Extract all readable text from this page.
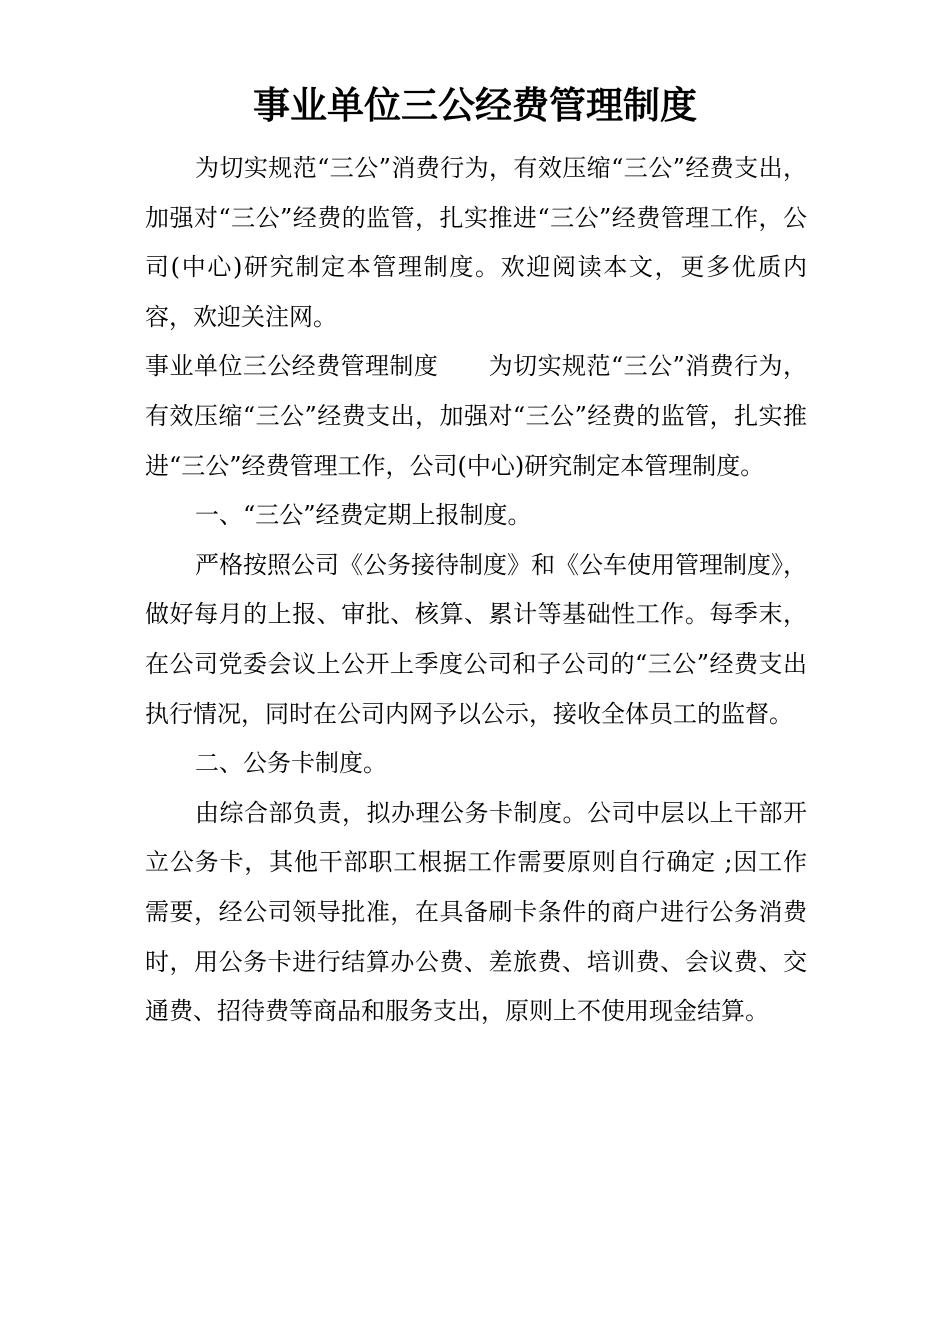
事业单位三公经费管理制度

为切实规范“三公”消费行为，有效压缩“三公”经费支出，加强对“三公”经费的监管，扎实推进“三公”经费管理工作，公司(中心)研究制定本管理制度。欢迎阅读本文，更多优质内容，欢迎关注网。

事业单位三公经费管理制度 为切实规范“三公”消费行为，有效压缩“三公”经费支出，加强对“三公”经费的监管，扎实推进“三公”经费管理工作，公司(中心)研究制定本管理制度。

一、“三公”经费定期上报制度。

严格按照公司《公务接待制度》和《公车使用管理制度》，做好每月的上报、审批、核算、累计等基础性工作。每季末，在公司党委会议上公开上季度公司和子公司的“三公”经费支出执行情况，同时在公司内网予以公示，接收全体员工的监督。

二、公务卡制度。

由综合部负责，拟办理公务卡制度。公司中层以上干部开立公务卡，其他干部职工根据工作需要原则自行确定 ;因工作需要，经公司领导批准，在具备刷卡条件的商户进行公务消费时，用公务卡进行结算办公费、差旅费、培训费、会议费、交通费、招待费等商品和服务支出，原则上不使用现金结算。
